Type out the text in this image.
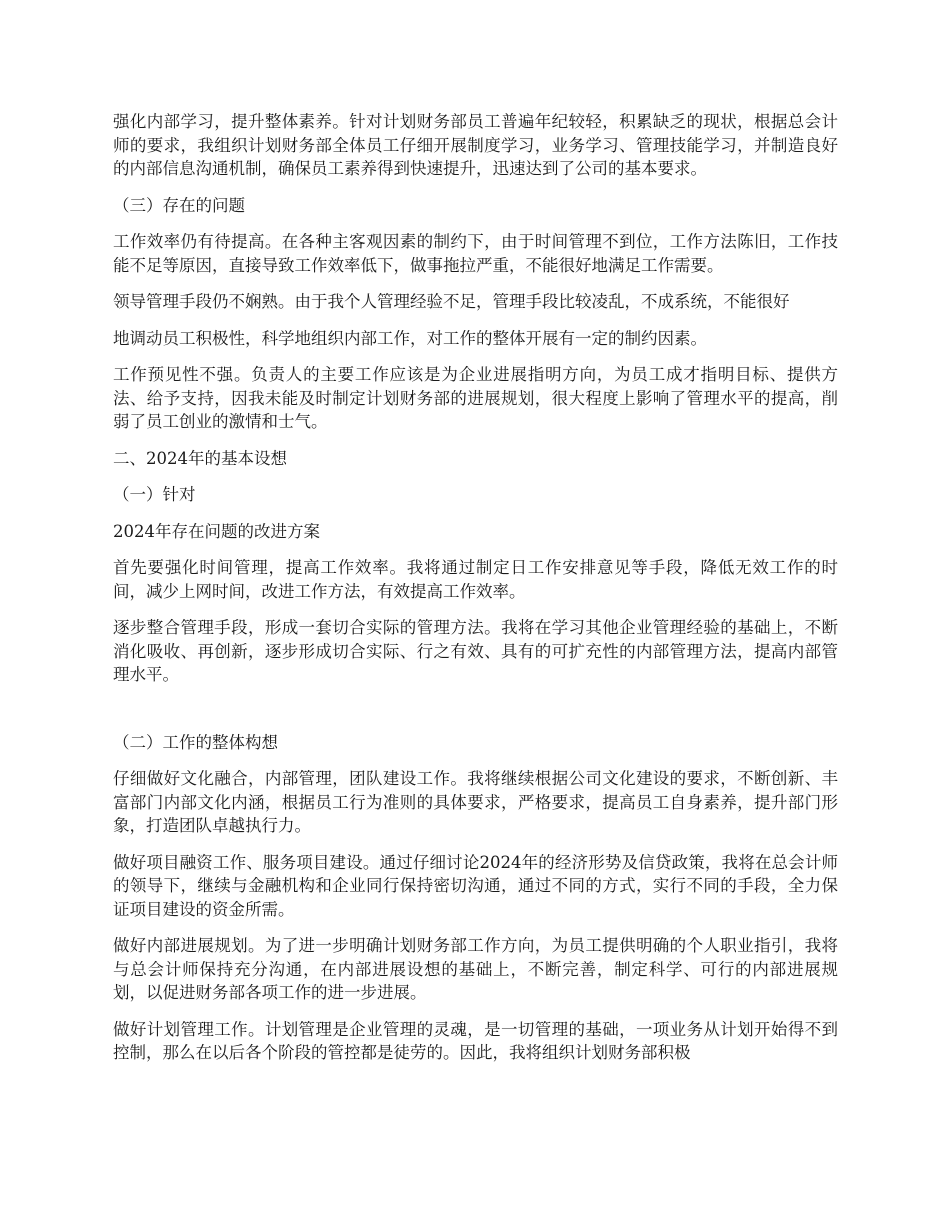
强化内部学习，提升整体素养。针对计划财务部员工普遍年纪较轻，积累缺乏的现状，根据总会计师的要求，我组织计划财务部全体员工仔细开展制度学习，业务学习、管理技能学习，并制造良好的内部信息沟通机制，确保员工素养得到快速提升，迅速达到了公司的基本要求。

（三）存在的问题

工作效率仍有待提高。在各种主客观因素的制约下，由于时间管理不到位，工作方法陈旧，工作技能不足等原因，直接导致工作效率低下，做事拖拉严重，不能很好地满足工作需要。

领导管理手段仍不娴熟。由于我个人管理经验不足，管理手段比较凌乱，不成系统，不能很好

地调动员工积极性，科学地组织内部工作，对工作的整体开展有一定的制约因素。

工作预见性不强。负责人的主要工作应该是为企业进展指明方向，为员工成才指明目标、提供方法、给予支持，因我未能及时制定计划财务部的进展规划，很大程度上影响了管理水平的提高，削弱了员工创业的激情和士气。

二、2024年的基本设想

（一）针对

2024年存在问题的改进方案

首先要强化时间管理，提高工作效率。我将通过制定日工作安排意见等手段，降低无效工作的时间，减少上网时间，改进工作方法，有效提高工作效率。

逐步整合管理手段，形成一套切合实际的管理方法。我将在学习其他企业管理经验的基础上，不断消化吸收、再创新，逐步形成切合实际、行之有效、具有的可扩充性的内部管理方法，提高内部管理水平。

（二）工作的整体构想

仔细做好文化融合，内部管理，团队建设工作。我将继续根据公司文化建设的要求，不断创新、丰富部门内部文化内涵，根据员工行为准则的具体要求，严格要求，提高员工自身素养，提升部门形象，打造团队卓越执行力。

做好项目融资工作、服务项目建设。通过仔细讨论2024年的经济形势及信贷政策，我将在总会计师的领导下，继续与金融机构和企业同行保持密切沟通，通过不同的方式，实行不同的手段，全力保证项目建设的资金所需。

做好内部进展规划。为了进一步明确计划财务部工作方向，为员工提供明确的个人职业指引，我将与总会计师保持充分沟通，在内部进展设想的基础上，不断完善，制定科学、可行的内部进展规划，以促进财务部各项工作的进一步进展。

做好计划管理工作。计划管理是企业管理的灵魂，是一切管理的基础，一项业务从计划开始得不到控制，那么在以后各个阶段的管控都是徒劳的。因此，我将组织计划财务部积极
